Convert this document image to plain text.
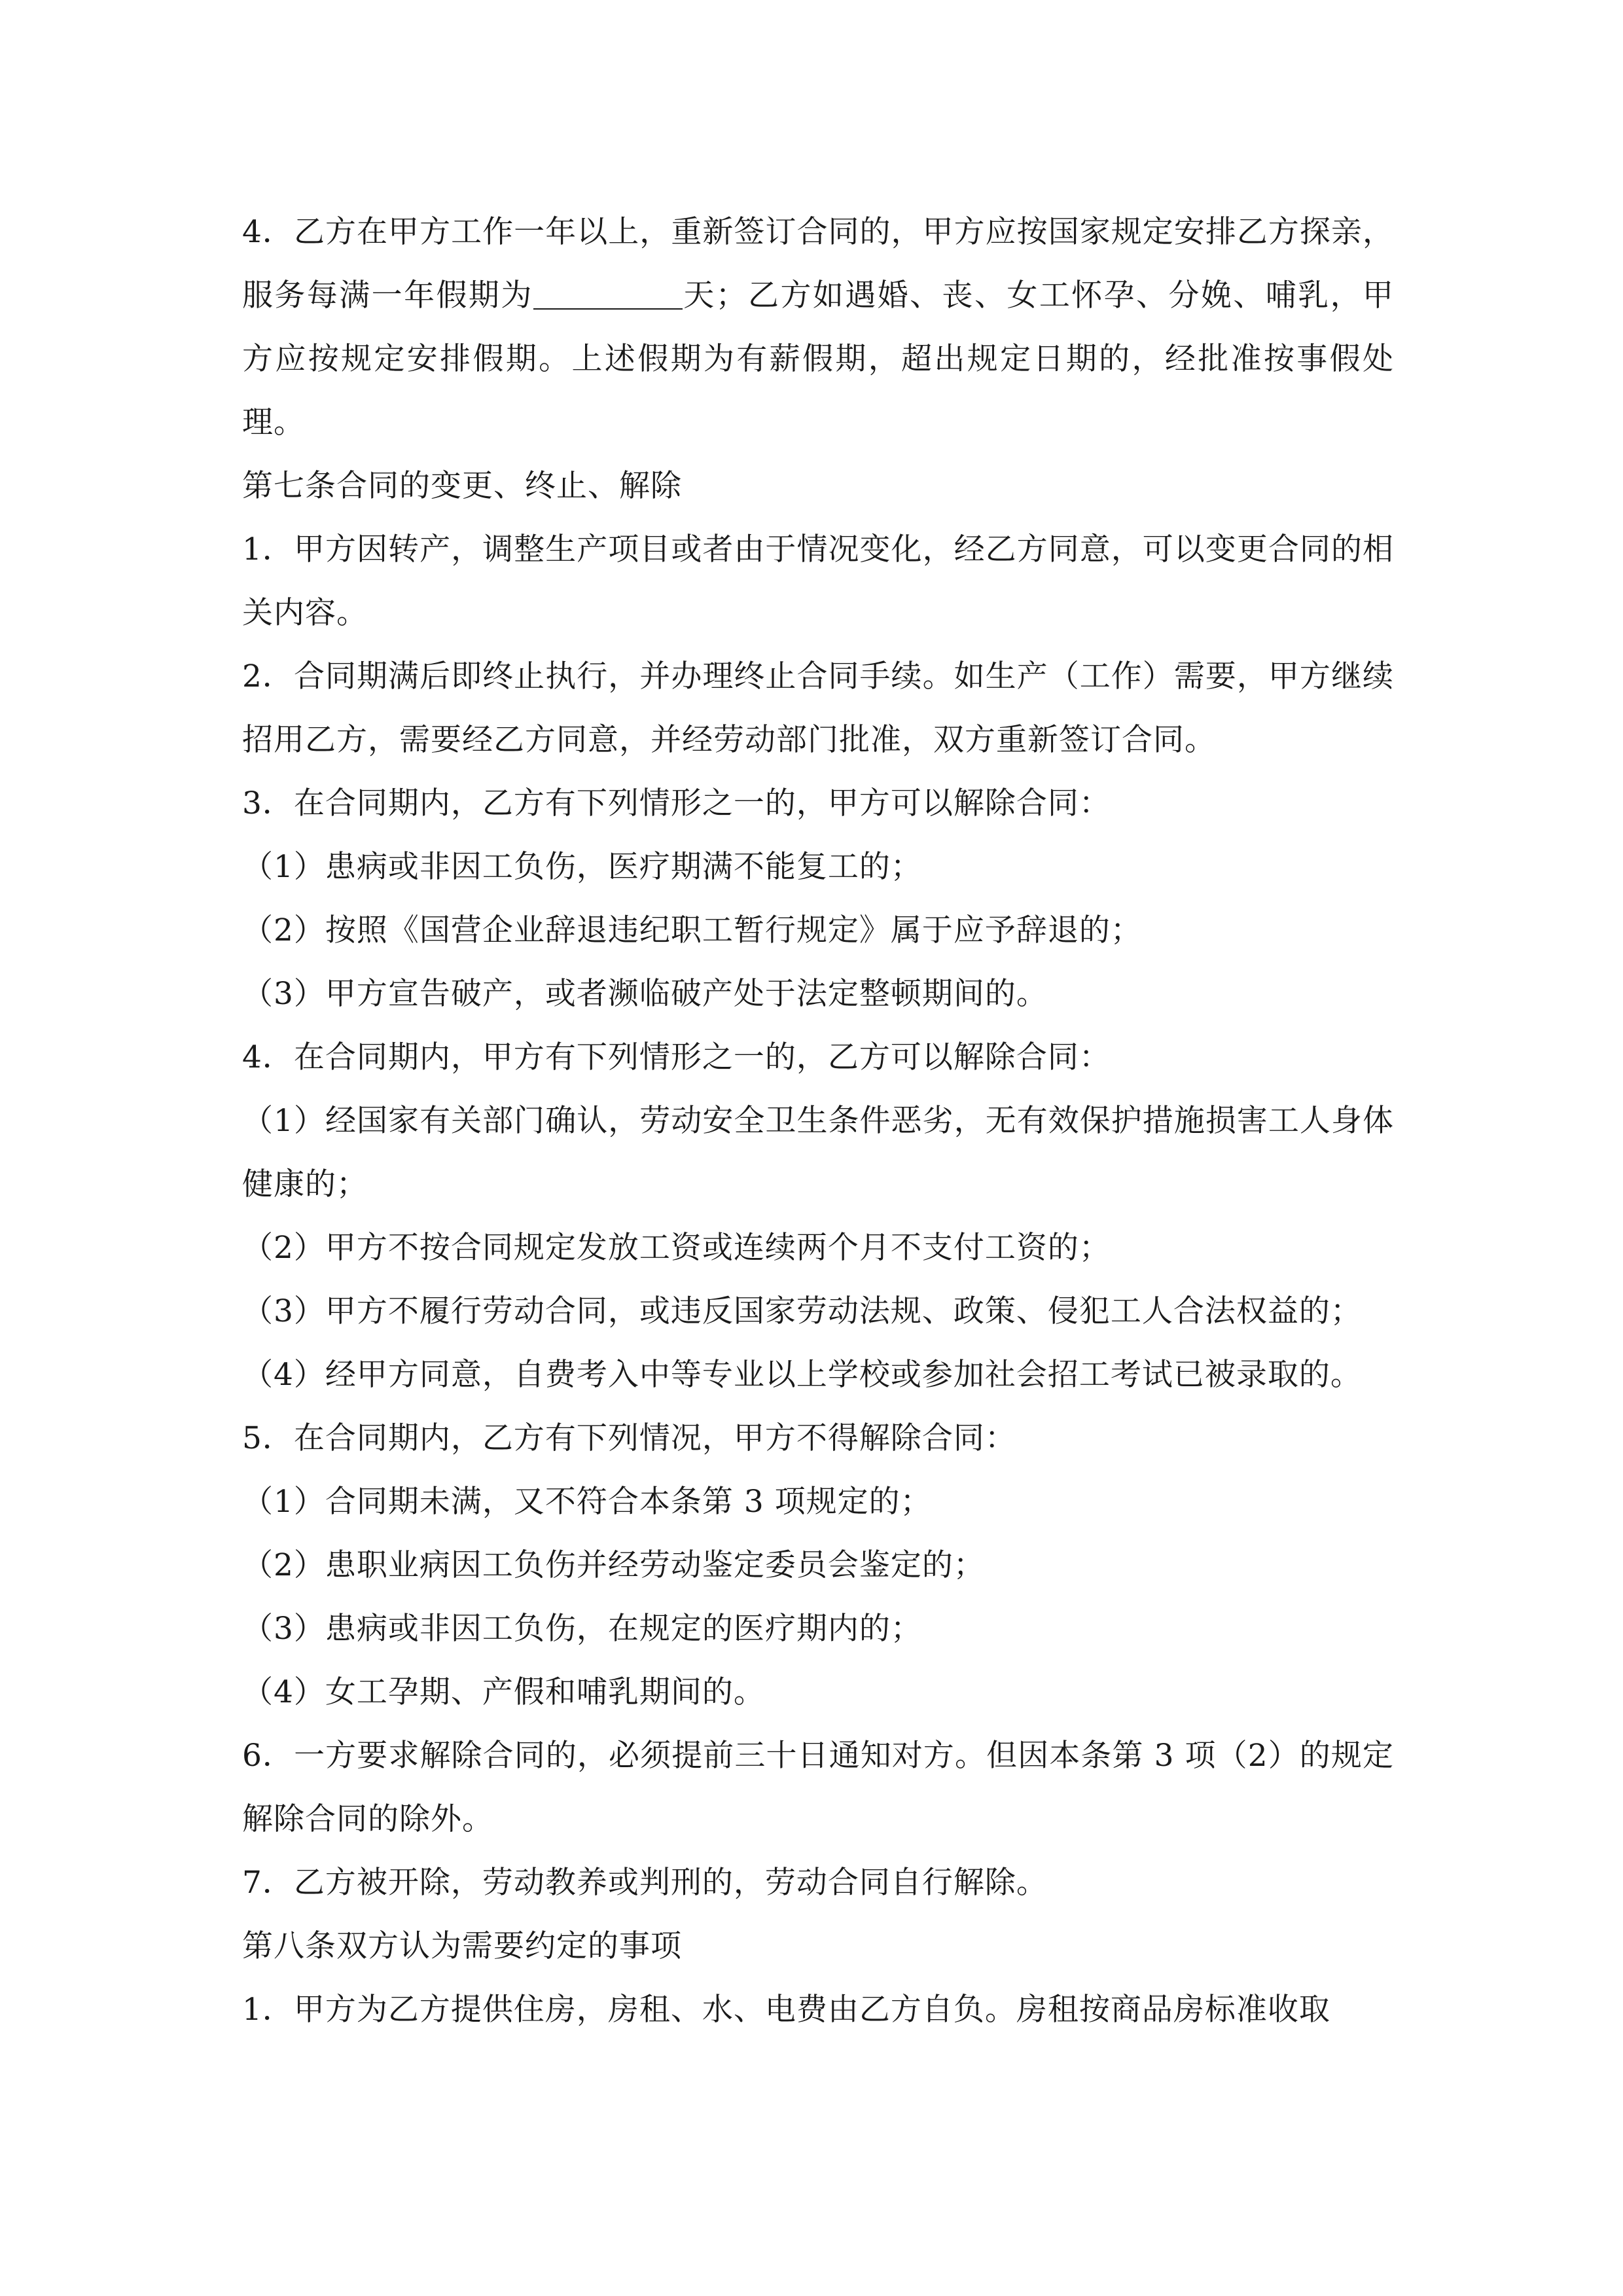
4．乙方在甲方工作一年以上，重新签订合同的，甲方应按国家规定安排乙方探亲，服务每满一年假期为	天；乙方如遇婚、丧、女工怀孕、分娩、哺乳，甲方应按规定安排假期。上述假期为有薪假期，超出规定日期的，经批准按事假处理。

第七条合同的变更、终止、解除

1．甲方因转产，调整生产项目或者由于情况变化，经乙方同意，可以变更合同的相关内容。

2．合同期满后即终止执行，并办理终止合同手续。如生产（工作）需要，甲方继续招用乙方，需要经乙方同意，并经劳动部门批准，双方重新签订合同。

3．在合同期内，乙方有下列情形之一的，甲方可以解除合同：

（1）患病或非因工负伤，医疗期满不能复工的；

（2）按照《国营企业辞退违纪职工暂行规定》属于应予辞退的；

（3）甲方宣告破产，或者濒临破产处于法定整顿期间的。

4．在合同期内，甲方有下列情形之一的，乙方可以解除合同：

（1）经国家有关部门确认，劳动安全卫生条件恶劣，无有效保护措施损害工人身体健康的；

（2）甲方不按合同规定发放工资或连续两个月不支付工资的；

（3）甲方不履行劳动合同，或违反国家劳动法规、政策、侵犯工人合法权益的；

（4）经甲方同意，自费考入中等专业以上学校或参加社会招工考试已被录取的。

5．在合同期内，乙方有下列情况，甲方不得解除合同：

（1）合同期未满，又不符合本条第 3 项规定的；

（2）患职业病因工负伤并经劳动鉴定委员会鉴定的；

（3）患病或非因工负伤，在规定的医疗期内的；

（4）女工孕期、产假和哺乳期间的。

6．一方要求解除合同的，必须提前三十日通知对方。但因本条第 3 项（2）的规定解除合同的除外。

7．乙方被开除，劳动教养或判刑的，劳动合同自行解除。

第八条双方认为需要约定的事项

1．甲方为乙方提供住房，房租、水、电费由乙方自负。房租按商品房标准收取
